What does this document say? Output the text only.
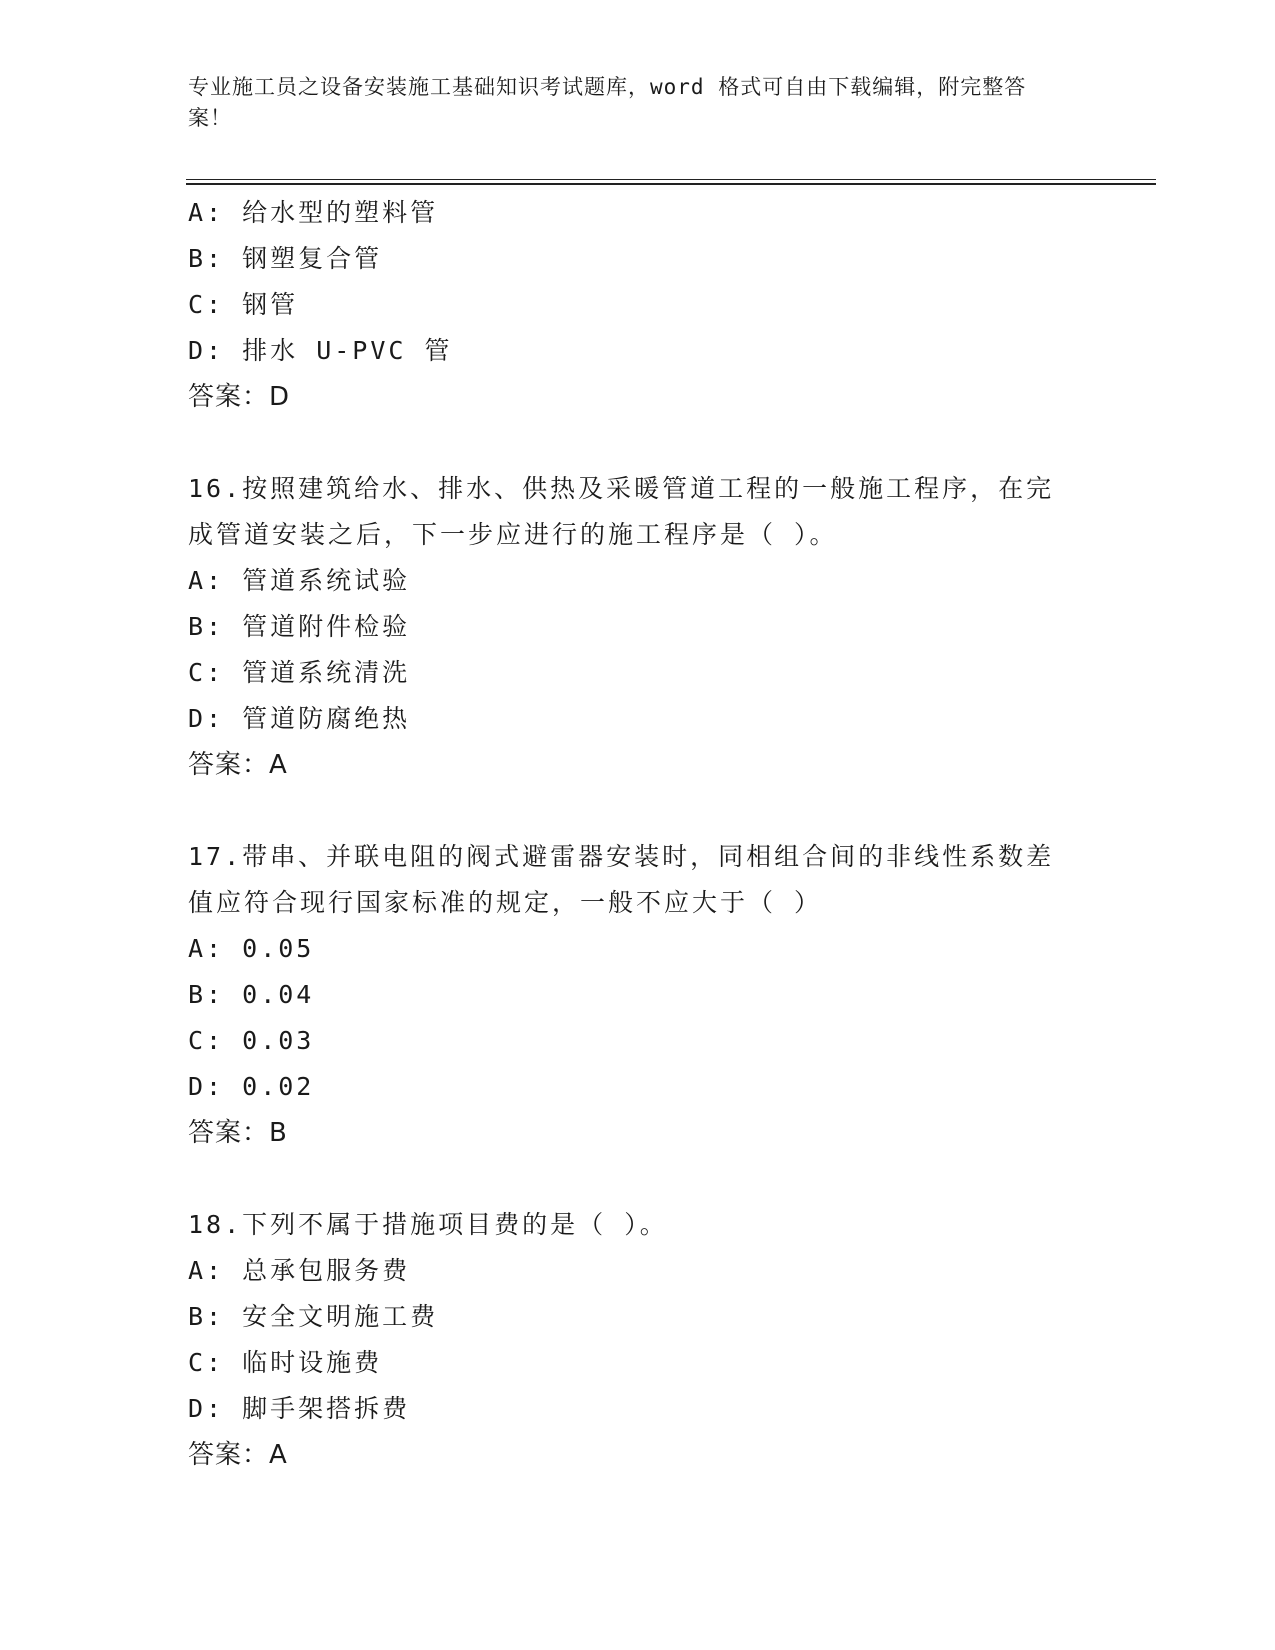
专业施工员之设备安装施工基础知识考试题库，word 格式可自由下载编辑，附完整答案！
A: 给水型的塑料管
B: 钢塑复合管
C: 钢管
D: 排水 U-PVC 管
答案：D
16.按照建筑给水、排水、供热及采暖管道工程的一般施工程序，在完
成管道安装之后，下一步应进行的施工程序是（ ）。
A: 管道系统试验
B: 管道附件检验
C: 管道系统清洗
D: 管道防腐绝热
答案：A
17.带串、并联电阻的阀式避雷器安装时，同相组合间的非线性系数差
值应符合现行国家标准的规定，一般不应大于（ ）
A: 0.05
B: 0.04
C: 0.03
D: 0.02
答案：B
18.下列不属于措施项目费的是（ ）。
A: 总承包服务费
B: 安全文明施工费
C: 临时设施费
D: 脚手架搭拆费
答案：A
